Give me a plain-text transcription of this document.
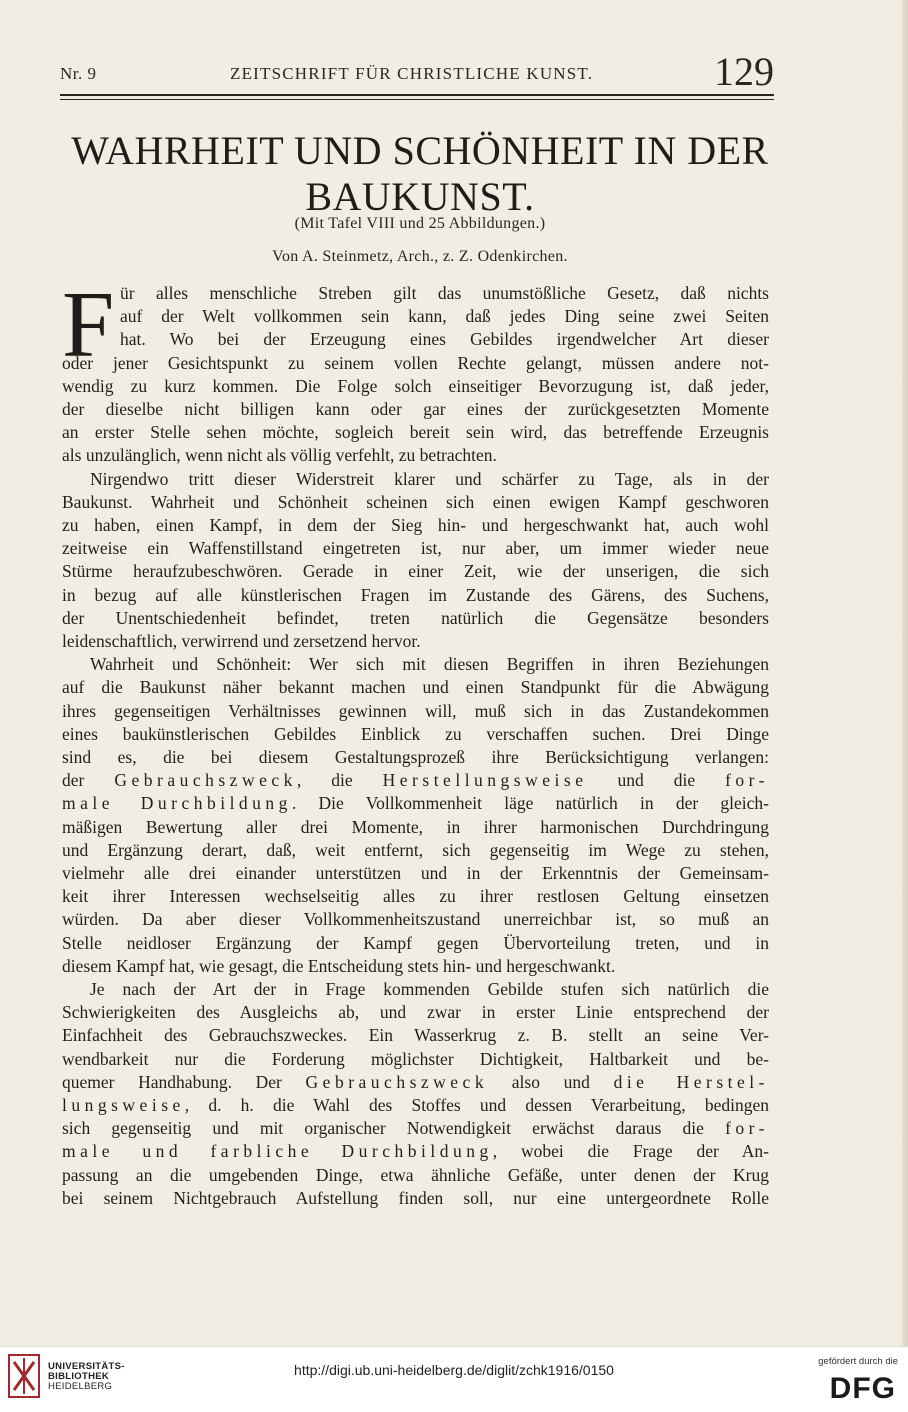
Nr. 9	ZEITSCHRIFT FÜR CHRISTLICHE KUNST.	129
WAHRHEIT UND SCHÖNHEIT IN DER
BAUKUNST.
(Mit Tafel VIII und 25 Abbildungen.)
Von A. Steinmetz, Arch., z. Z. Odenkirchen.
F ür alles menschliche Streben gilt das unumstößliche Gesetz, daß nichts
auf der Welt vollkommen sein kann, daß jedes Ding seine zwei Seiten
hat. Wo bei der Erzeugung eines Gebildes irgendwelcher Art dieser
oder jener Gesichtspunkt zu seinem vollen Rechte gelangt, müssen andere not-
wendig zu kurz kommen. Die Folge solch einseitiger Bevorzugung ist, daß jeder,
der dieselbe nicht billigen kann oder gar eines der zurückgesetzten Momente
an erster Stelle sehen möchte, sogleich bereit sein wird, das betreffende Erzeugnis
als unzulänglich, wenn nicht als völlig verfehlt, zu betrachten.
Nirgendwo tritt dieser Widerstreit klarer und schärfer zu Tage, als in der
Baukunst. Wahrheit und Schönheit scheinen sich einen ewigen Kampf geschworen
zu haben, einen Kampf, in dem der Sieg hin- und hergeschwankt hat, auch wohl
zeitweise ein Waffenstillstand eingetreten ist, nur aber, um immer wieder neue
Stürme heraufzubeschwören. Gerade in einer Zeit, wie der unserigen, die sich
in bezug auf alle künstlerischen Fragen im Zustande des Gärens, des Suchens,
der Unentschiedenheit befindet, treten natürlich die Gegensätze besonders
leidenschaftlich, verwirrend und zersetzend hervor.
Wahrheit und Schönheit: Wer sich mit diesen Begriffen in ihren Beziehungen
auf die Baukunst näher bekannt machen und einen Standpunkt für die Abwägung
ihres gegenseitigen Verhältnisses gewinnen will, muß sich in das Zustandekommen
eines baukünstlerischen Gebildes Einblick zu verschaffen suchen. Drei Dinge
sind es, die bei diesem Gestaltungsprozeß ihre Berücksichtigung verlangen:
der Gebrauchszweck, die Herstellungsweise und die for-
male Durchbildung. Die Vollkommenheit läge natürlich in der gleich-
mäßigen Bewertung aller drei Momente, in ihrer harmonischen Durchdringung
und Ergänzung derart, daß, weit entfernt, sich gegenseitig im Wege zu stehen,
vielmehr alle drei einander unterstützen und in der Erkenntnis der Gemeinsam-
keit ihrer Interessen wechselseitig alles zu ihrer restlosen Geltung einsetzen
würden. Da aber dieser Vollkommenheitszustand unerreichbar ist, so muß an
Stelle neidloser Ergänzung der Kampf gegen Übervorteilung treten, und in
diesem Kampf hat, wie gesagt, die Entscheidung stets hin- und hergeschwankt.
Je nach der Art der in Frage kommenden Gebilde stufen sich natürlich die
Schwierigkeiten des Ausgleichs ab, und zwar in erster Linie entsprechend der
Einfachheit des Gebrauchszweckes. Ein Wasserkrug z. B. stellt an seine Ver-
wendbarkeit nur die Forderung möglichster Dichtigkeit, Haltbarkeit und be-
quemer Handhabung. Der Gebrauchszweck also und die Herstel-
lungsweise, d. h. die Wahl des Stoffes und dessen Verarbeitung, bedingen
sich gegenseitig und mit organischer Notwendigkeit erwächst daraus die for-
male und farbliche Durchbildung, wobei die Frage der An-
passung an die umgebenden Dinge, etwa ähnliche Gefäße, unter denen der Krug
bei seinem Nichtgebrauch Aufstellung finden soll, nur eine untergeordnete Rolle
UNIVERSITÄTS-
BIBLIOTHEK
HEIDELBERG
http://digi.ub.uni-heidelberg.de/diglit/zchk1916/0150
gefördert durch die
DFG
